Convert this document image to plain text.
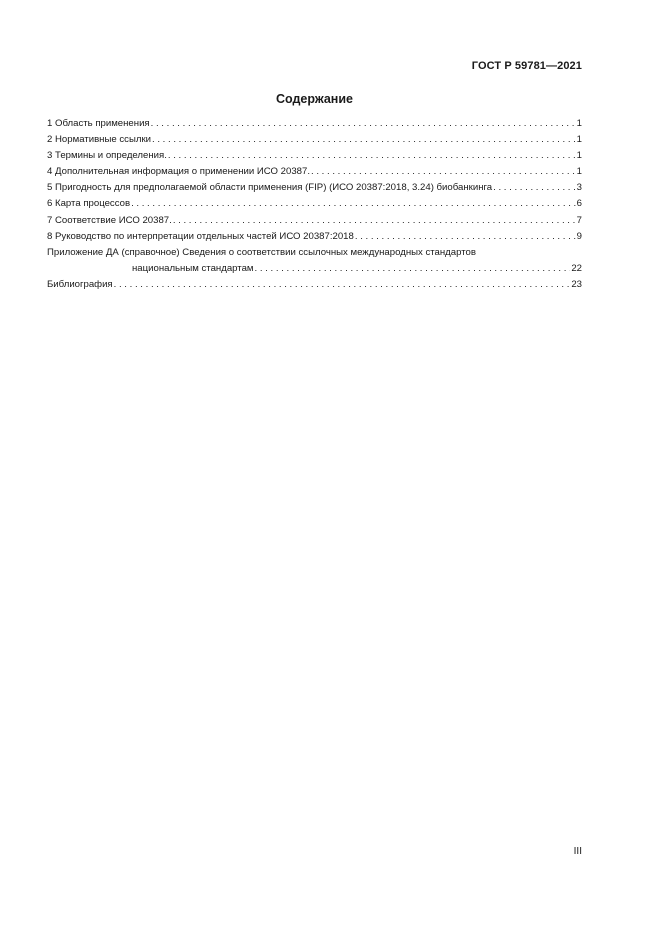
ГОСТ Р 59781—2021
Содержание
1 Область применения . . .	1
2 Нормативные ссылки . . .	1
3 Термины и определения. . . .	1
4 Дополнительная информация о применении ИСО 20387. . . .	1
5 Пригодность для предполагаемой области применения (FIP) (ИСО 20387:2018, 3.24) биобанкинга . . .	3
6 Карта процессов . . .	6
7 Соответствие ИСО 20387. . . .	7
8 Руководство по интерпретации отдельных частей ИСО 20387:2018 . . .	9
Приложение ДА (справочное) Сведения о соответствии ссылочных международных стандартов
национальным стандартам . . .	22
Библиография . . .	23
III
